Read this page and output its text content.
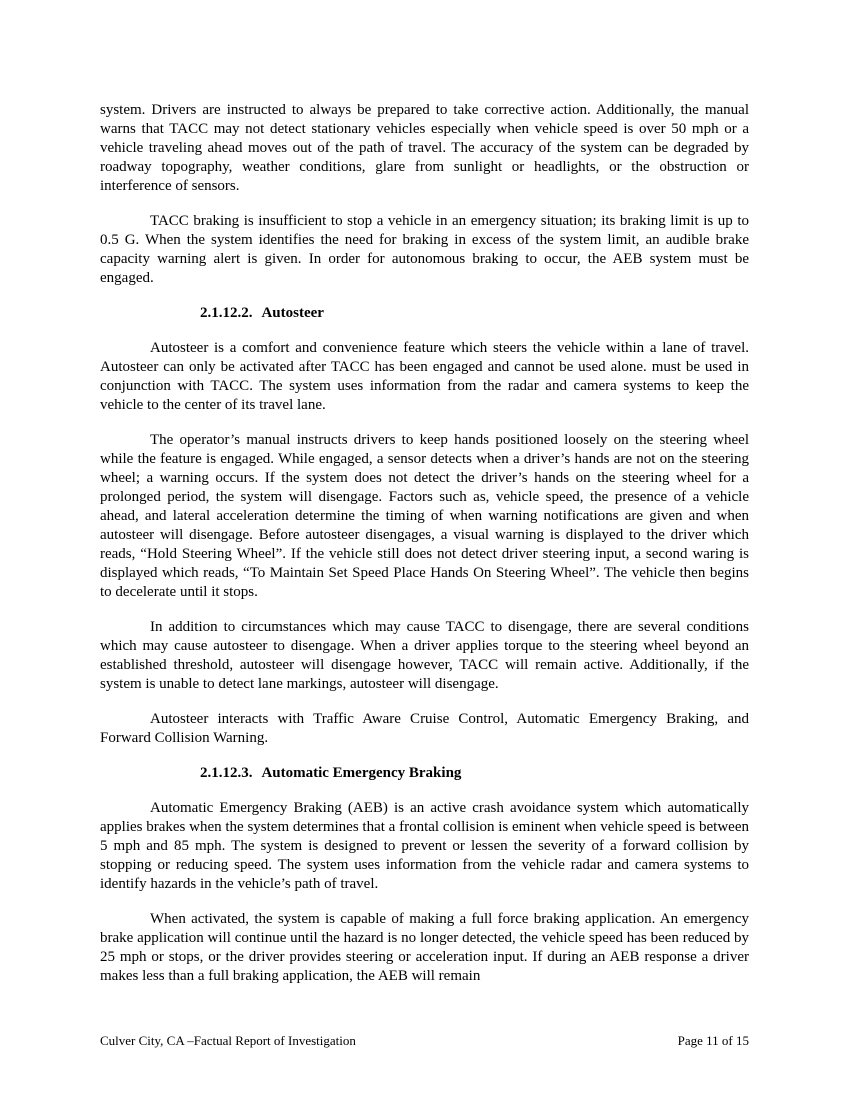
system. Drivers are instructed to always be prepared to take corrective action. Additionally, the manual warns that TACC may not detect stationary vehicles especially when vehicle speed is over 50 mph or a vehicle traveling ahead moves out of the path of travel. The accuracy of the system can be degraded by roadway topography, weather conditions, glare from sunlight or headlights, or the obstruction or interference of sensors.

TACC braking is insufficient to stop a vehicle in an emergency situation; its braking limit is up to 0.5 G. When the system identifies the need for braking in excess of the system limit, an audible brake capacity warning alert is given. In order for autonomous braking to occur, the AEB system must be engaged.

2.1.12.2. Autosteer

Autosteer is a comfort and convenience feature which steers the vehicle within a lane of travel. Autosteer can only be activated after TACC has been engaged and cannot be used alone. must be used in conjunction with TACC. The system uses information from the radar and camera systems to keep the vehicle to the center of its travel lane.

The operator’s manual instructs drivers to keep hands positioned loosely on the steering wheel while the feature is engaged. While engaged, a sensor detects when a driver’s hands are not on the steering wheel; a warning occurs. If the system does not detect the driver’s hands on the steering wheel for a prolonged period, the system will disengage. Factors such as, vehicle speed, the presence of a vehicle ahead, and lateral acceleration determine the timing of when warning notifications are given and when autosteer will disengage. Before autosteer disengages, a visual warning is displayed to the driver which reads, “Hold Steering Wheel”. If the vehicle still does not detect driver steering input, a second waring is displayed which reads, “To Maintain Set Speed Place Hands On Steering Wheel”. The vehicle then begins to decelerate until it stops.

In addition to circumstances which may cause TACC to disengage, there are several conditions which may cause autosteer to disengage. When a driver applies torque to the steering wheel beyond an established threshold, autosteer will disengage however, TACC will remain active. Additionally, if the system is unable to detect lane markings, autosteer will disengage.

Autosteer interacts with Traffic Aware Cruise Control, Automatic Emergency Braking, and Forward Collision Warning.

2.1.12.3. Automatic Emergency Braking

Automatic Emergency Braking (AEB) is an active crash avoidance system which automatically applies brakes when the system determines that a frontal collision is eminent when vehicle speed is between 5 mph and 85 mph. The system is designed to prevent or lessen the severity of a forward collision by stopping or reducing speed. The system uses information from the vehicle radar and camera systems to identify hazards in the vehicle’s path of travel.

When activated, the system is capable of making a full force braking application. An emergency brake application will continue until the hazard is no longer detected, the vehicle speed has been reduced by 25 mph or stops, or the driver provides steering or acceleration input. If during an AEB response a driver makes less than a full braking application, the AEB will remain

Culver City, CA –Factual Report of Investigation	Page 11 of 15
